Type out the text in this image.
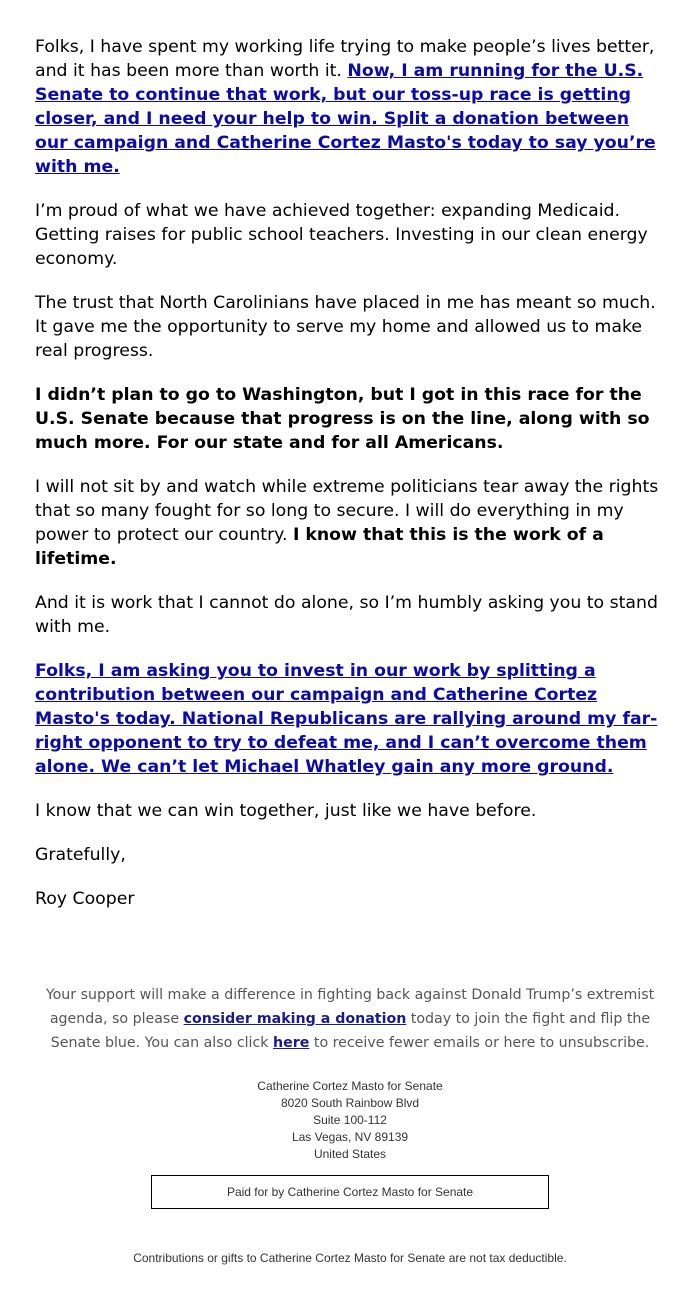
Folks, I have spent my working life trying to make people’s lives better, and it has been more than worth it. Now, I am running for the U.S. Senate to continue that work, but our toss-up race is getting closer, and I need your help to win. Split a donation between our campaign and Catherine Cortez Masto's today to say you’re with me.

I’m proud of what we have achieved together: expanding Medicaid. Getting raises for public school teachers. Investing in our clean energy economy.

The trust that North Carolinians have placed in me has meant so much. It gave me the opportunity to serve my home and allowed us to make real progress.

I didn’t plan to go to Washington, but I got in this race for the U.S. Senate because that progress is on the line, along with so much more. For our state and for all Americans.

I will not sit by and watch while extreme politicians tear away the rights that so many fought for so long to secure. I will do everything in my power to protect our country. I know that this is the work of a lifetime.

And it is work that I cannot do alone, so I’m humbly asking you to stand with me.

Folks, I am asking you to invest in our work by splitting a contribution between our campaign and Catherine Cortez Masto's today. National Republicans are rallying around my far-right opponent to try to defeat me, and I can’t overcome them alone. We can’t let Michael Whatley gain any more ground.

I know that we can win together, just like we have before.

Gratefully,

Roy Cooper

Your support will make a difference in fighting back against Donald Trump’s extremist agenda, so please consider making a donation today to join the fight and flip the Senate blue. You can also click here to receive fewer emails or here to unsubscribe.
Catherine Cortez Masto for Senate
8020 South Rainbow Blvd
Suite 100-112
Las Vegas, NV 89139
United States
Paid for by Catherine Cortez Masto for Senate
Contributions or gifts to Catherine Cortez Masto for Senate are not tax deductible.
